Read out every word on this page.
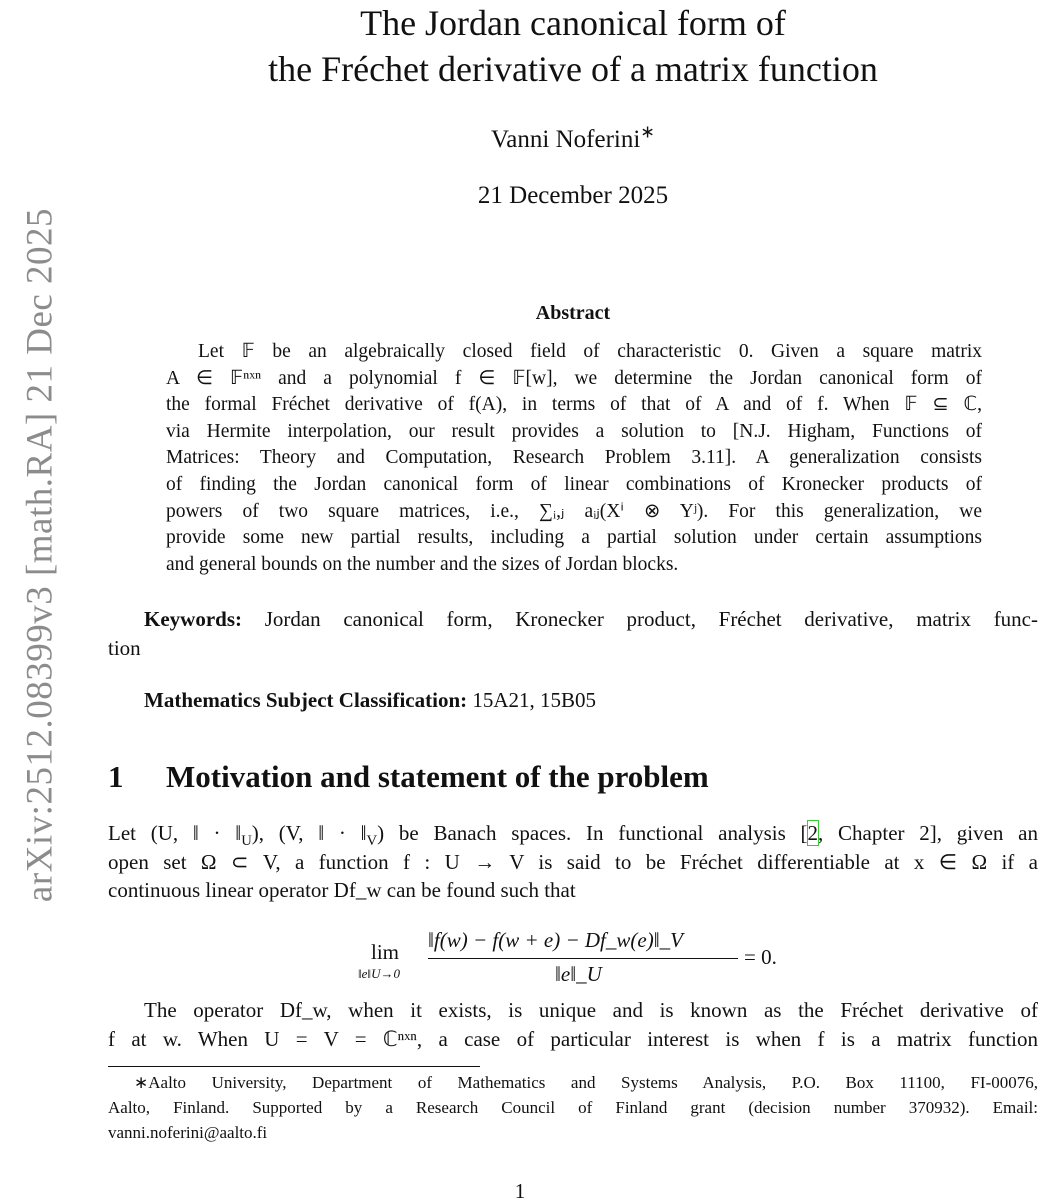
arXiv:2512.08399v3 [math.RA] 21 Dec 2025
The Jordan canonical form of
the Fréchet derivative of a matrix function
Vanni Noferini∗
21 December 2025
Abstract
Let 𝔽 be an algebraically closed field of characteristic 0. Given a square matrix
A ∈ 𝔽ⁿˣⁿ and a polynomial f ∈ 𝔽[w], we determine the Jordan canonical form of
the formal Fréchet derivative of f(A), in terms of that of A and of f. When 𝔽 ⊆ ℂ,
via Hermite interpolation, our result provides a solution to [N.J. Higham, Functions of
Matrices: Theory and Computation, Research Problem 3.11]. A generalization consists
of finding the Jordan canonical form of linear combinations of Kronecker products of
powers of two square matrices, i.e., ∑ᵢ,ⱼ aᵢⱼ(Xⁱ ⊗ Yʲ). For this generalization, we
provide some new partial results, including a partial solution under certain assumptions
and general bounds on the number and the sizes of Jordan blocks.
Keywords: Jordan canonical form, Kronecker product, Fréchet derivative, matrix func-
tion
Mathematics Subject Classification: 15A21, 15B05
1 Motivation and statement of the problem
Let (U, ‖ · $‖_U$), (V, ‖ · $‖_V$) be Banach spaces. In functional analysis [2, Chapter 2], given an
open set Ω ⊂ V, a function f : U → V is said to be Fréchet differentiable at x ∈ Ω if a
continuous linear operator Df_w can be found such that
lim
‖e‖U→0
‖f(w) − f(w + e) − Df_w(e)‖_V
‖e‖_U
= 0.
The operator Df_w, when it exists, is unique and is known as the Fréchet derivative of
f at w. When U = V = ℂⁿˣⁿ, a case of particular interest is when f is a matrix function
∗Aalto University, Department of Mathematics and Systems Analysis, P.O. Box 11100, FI-00076,
Aalto, Finland. Supported by a Research Council of Finland grant (decision number 370932). Email:
vanni.noferini@aalto.fi
1
